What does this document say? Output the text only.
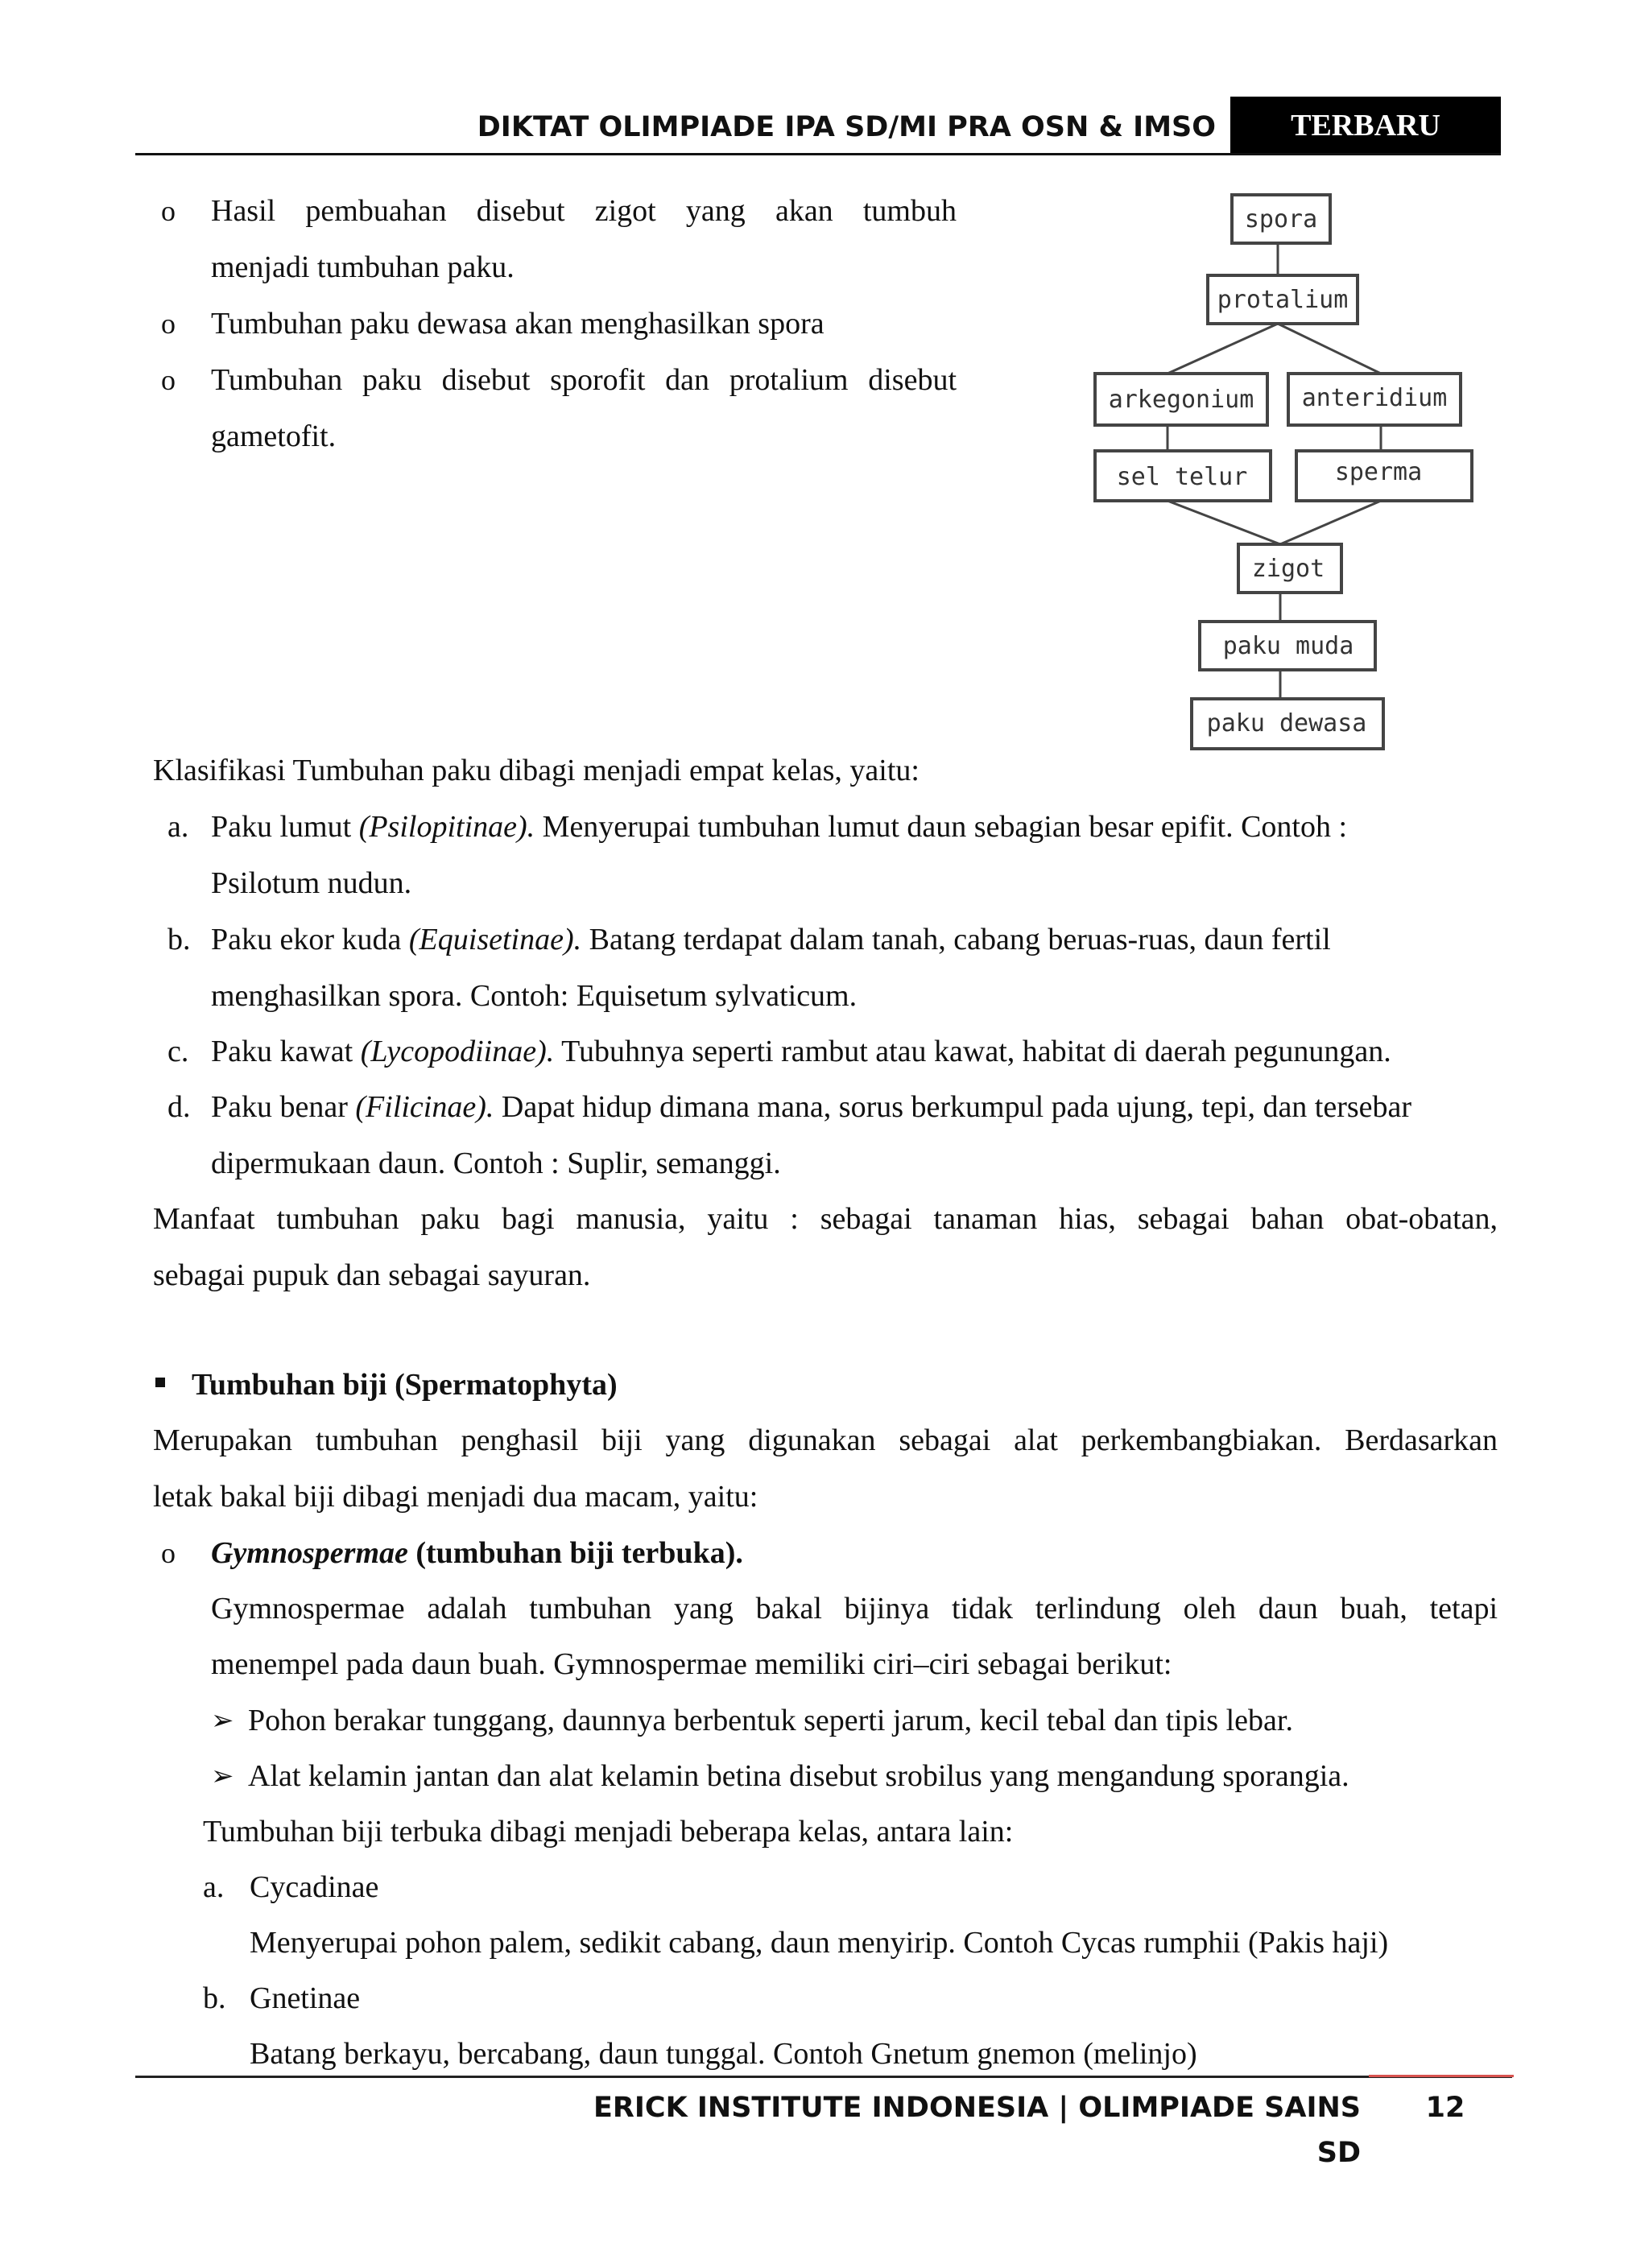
DIKTAT OLIMPIADE IPA SD/MI PRA OSN & IMSO	TERBARU
o Hasil pembuahan disebut zigot yang akan tumbuh
menjadi tumbuhan paku.
o Tumbuhan paku dewasa akan menghasilkan spora
o Tumbuhan paku disebut sporofit dan protalium disebut
gametofit.
spora
protalium
arkegonium anteridium
sel telur	sperma
zigot
paku muda
paku dewasa
Klasifikasi Tumbuhan paku dibagi menjadi empat kelas, yaitu:
a. Paku lumut (Psilopitinae). Menyerupai tumbuhan lumut daun sebagian besar epifit. Contoh :
Psilotum nudun.
b. Paku ekor kuda (Equisetinae). Batang terdapat dalam tanah, cabang beruas-ruas, daun fertil
menghasilkan spora. Contoh: Equisetum sylvaticum.
c. Paku kawat (Lycopodiinae). Tubuhnya seperti rambut atau kawat, habitat di daerah pegunungan.
d. Paku benar (Filicinae). Dapat hidup dimana mana, sorus berkumpul pada ujung, tepi, dan tersebar
dipermukaan daun. Contoh : Suplir, semanggi.
Manfaat tumbuhan paku bagi manusia, yaitu : sebagai tanaman hias, sebagai bahan obat-obatan,
sebagai pupuk dan sebagai sayuran.
Tumbuhan biji (Spermatophyta)
Merupakan tumbuhan penghasil biji yang digunakan sebagai alat perkembangbiakan. Berdasarkan
letak bakal biji dibagi menjadi dua macam, yaitu:
o Gymnospermae (tumbuhan biji terbuka).
Gymnospermae adalah tumbuhan yang bakal bijinya tidak terlindung oleh daun buah, tetapi
menempel pada daun buah. Gymnospermae memiliki ciri–ciri sebagai berikut:
➢ Pohon berakar tunggang, daunnya berbentuk seperti jarum, kecil tebal dan tipis lebar.
➢ Alat kelamin jantan dan alat kelamin betina disebut srobilus yang mengandung sporangia.
Tumbuhan biji terbuka dibagi menjadi beberapa kelas, antara lain:
a. Cycadinae
Menyerupai pohon palem, sedikit cabang, daun menyirip. Contoh Cycas rumphii (Pakis haji)
b. Gnetinae
Batang berkayu, bercabang, daun tunggal. Contoh Gnetum gnemon (melinjo)
ERICK INSTITUTE INDONESIA | OLIMPIADE SAINS SD
12
